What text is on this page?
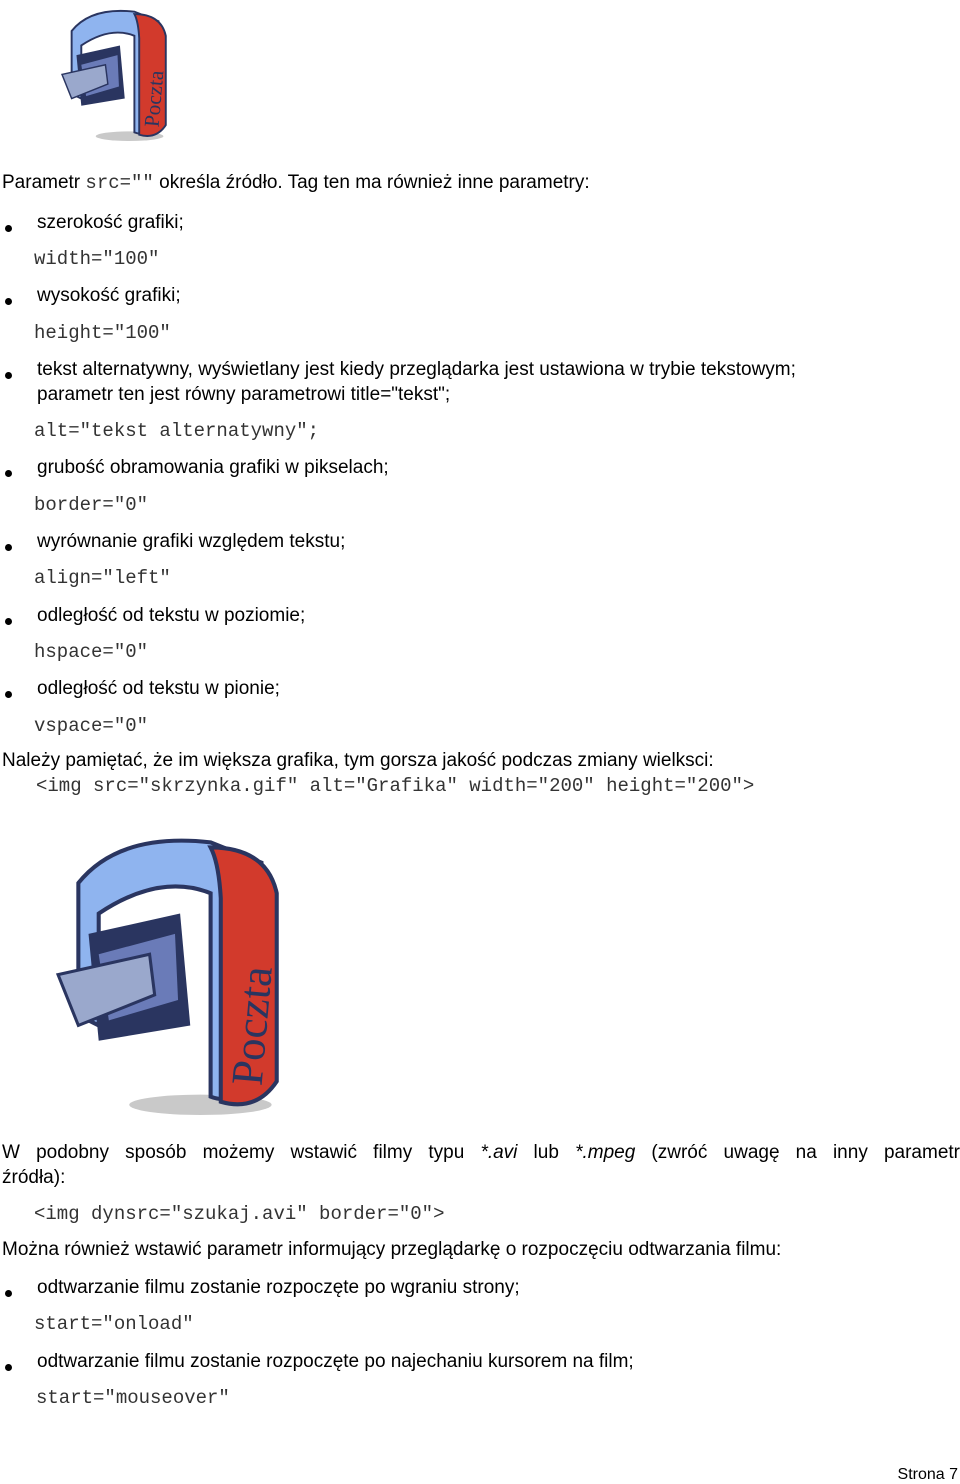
Poczta
Parametr src="" określa źródło. Tag ten ma również inne parametry:
szerokość grafiki;
width="100"
wysokość grafiki;
height="100"
tekst alternatywny, wyświetlany jest kiedy przeglądarka jest ustawiona w trybie tekstowym;
parametr ten jest równy parametrowi title="tekst";
alt="tekst alternatywny";
grubość obramowania grafiki w pikselach;
border="0"
wyrównanie grafiki względem tekstu;
align="left"
odległość od tekstu w poziomie;
hspace="0"
odległość od tekstu w pionie;
vspace="0"
Należy pamiętać, że im większa grafika, tym gorsza jakość podczas zmiany wielksci:
<img src="skrzynka.gif" alt="Grafika" width="200" height="200">
Poczta
W podobny sposób możemy wstawić filmy typu *.avi lub *.mpeg (zwróć uwagę na inny parametr
źródła):
<img dynsrc="szukaj.avi" border="0">
Można również wstawić parametr informujący przeglądarkę o rozpoczęciu odtwarzania filmu:
odtwarzanie filmu zostanie rozpoczęte po wgraniu strony;
start="onload"
odtwarzanie filmu zostanie rozpoczęte po najechaniu kursorem na film;
start="mouseover"
Strona 7
